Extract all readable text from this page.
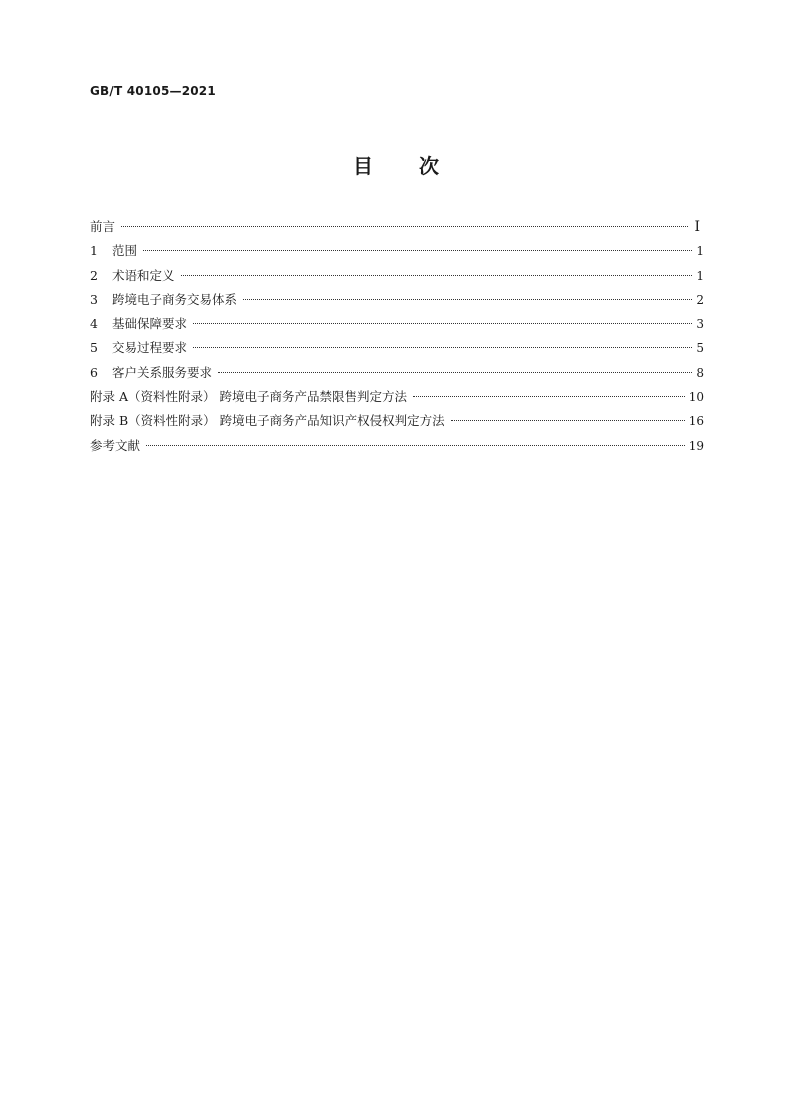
GB/T 40105—2021
目 次
前言	Ⅰ
1 范围	1
2 术语和定义	1
3 跨境电子商务交易体系	2
4 基础保障要求	3
5 交易过程要求	5
6 客户关系服务要求	8
附录 A（资料性附录） 跨境电子商务产品禁限售判定方法	10
附录 B（资料性附录） 跨境电子商务产品知识产权侵权判定方法	16
参考文献	19
